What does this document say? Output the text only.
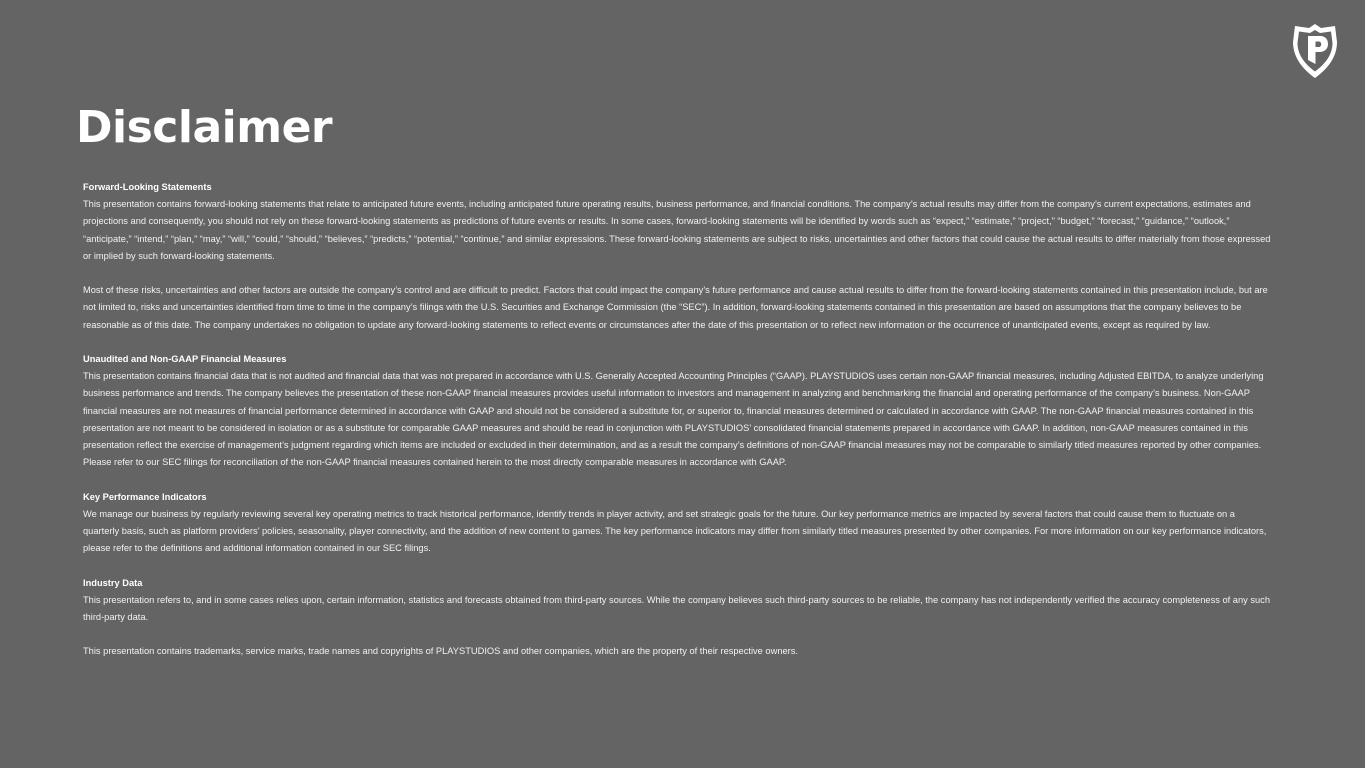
Disclaimer

Forward-Looking Statements

This presentation contains forward-looking statements that relate to anticipated future events, including anticipated future operating results, business performance, and financial conditions. The company’s actual results may differ from the company’s current expectations, estimates and projections and consequently, you should not rely on these forward-looking statements as predictions of future events or results. In some cases, forward-looking statements will be identified by words such as “expect,” “estimate,” “project,” “budget,” “forecast,” “guidance,” “outlook,” “anticipate,” “intend,” “plan,” “may,” “will,” “could,” “should,” “believes,” “predicts,” “potential,” “continue,” and similar expressions. These forward-looking statements are subject to risks, uncertainties and other factors that could cause the actual results to differ materially from those expressed or implied by such forward-looking statements.

Most of these risks, uncertainties and other factors are outside the company’s control and are difficult to predict. Factors that could impact the company’s future performance and cause actual results to differ from the forward-looking statements contained in this presentation include, but are not limited to, risks and uncertainties identified from time to time in the company’s filings with the U.S. Securities and Exchange Commission (the “SEC”). In addition, forward-looking statements contained in this presentation are based on assumptions that the company believes to be reasonable as of this date. The company undertakes no obligation to update any forward-looking statements to reflect events or circumstances after the date of this presentation or to reflect new information or the occurrence of unanticipated events, except as required by law.

Unaudited and Non-GAAP Financial Measures

This presentation contains financial data that is not audited and financial data that was not prepared in accordance with U.S. Generally Accepted Accounting Principles (“GAAP). PLAYSTUDIOS uses certain non-GAAP financial measures, including Adjusted EBITDA, to analyze underlying business performance and trends. The company believes the presentation of these non-GAAP financial measures provides useful information to investors and management in analyzing and benchmarking the financial and operating performance of the company’s business. Non-GAAP financial measures are not measures of financial performance determined in accordance with GAAP and should not be considered a substitute for, or superior to, financial measures determined or calculated in accordance with GAAP. The non-GAAP financial measures contained in this presentation are not meant to be considered in isolation or as a substitute for comparable GAAP measures and should be read in conjunction with PLAYSTUDIOS’ consolidated financial statements prepared in accordance with GAAP. In addition, non-GAAP measures contained in this presentation reflect the exercise of management’s judgment regarding which items are included or excluded in their determination, and as a result the company’s definitions of non-GAAP financial measures may not be comparable to similarly titled measures reported by other companies. Please refer to our SEC filings for reconciliation of the non-GAAP financial measures contained herein to the most directly comparable measures in accordance with GAAP.

Key Performance Indicators

We manage our business by regularly reviewing several key operating metrics to track historical performance, identify trends in player activity, and set strategic goals for the future. Our key performance metrics are impacted by several factors that could cause them to fluctuate on a quarterly basis, such as platform providers’ policies, seasonality, player connectivity, and the addition of new content to games. The key performance indicators may differ from similarly titled measures presented by other companies. For more information on our key performance indicators, please refer to the definitions and additional information contained in our SEC filings.

Industry Data

This presentation refers to, and in some cases relies upon, certain information, statistics and forecasts obtained from third-party sources. While the company believes such third-party sources to be reliable, the company has not independently verified the accuracy completeness of any such third-party data.

This presentation contains trademarks, service marks, trade names and copyrights of PLAYSTUDIOS and other companies, which are the property of their respective owners.
